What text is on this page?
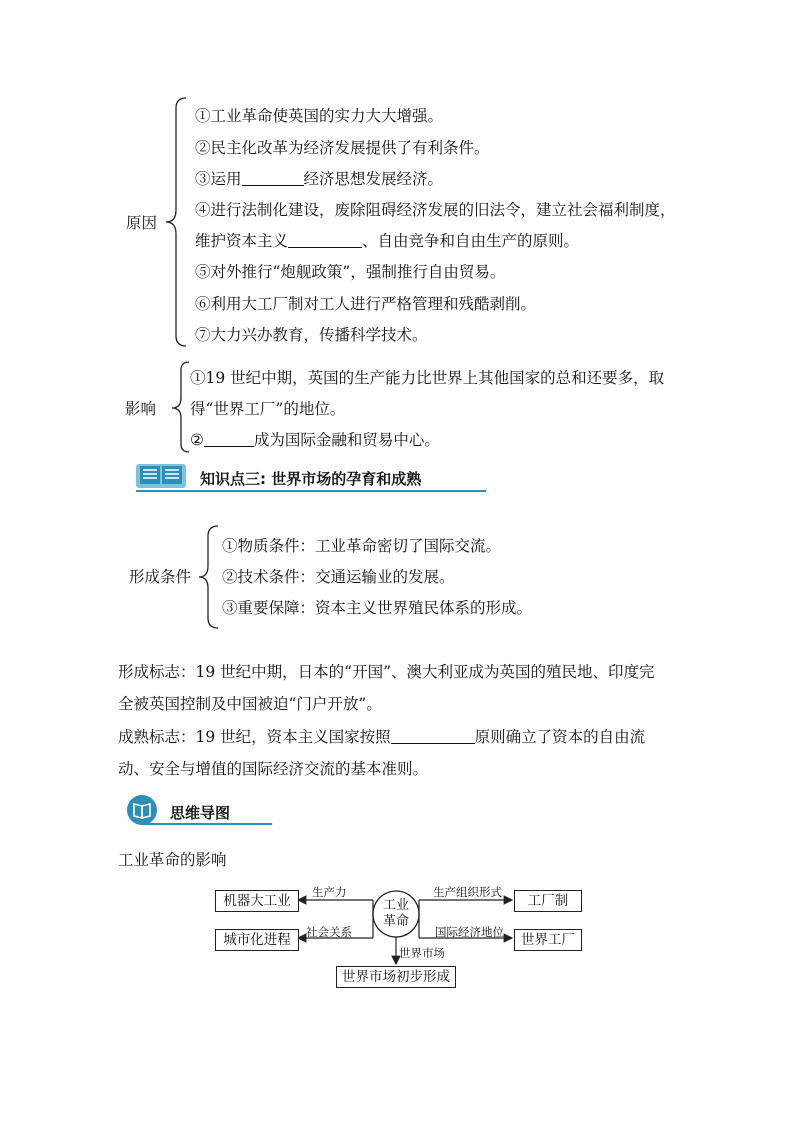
原因
①工业革命使英国的实力大大增强。
②民主化改革为经济发展提供了有利条件。
③运用	经济思想发展经济。
④进行法制化建设，废除阻碍经济发展的旧法令，建立社会福利制度，
维护资本主义	、自由竞争和自由生产的原则。
⑤对外推行“炮舰政策”，强制推行自由贸易。
⑥利用大工厂制对工人进行严格管理和残酷剥削。
⑦大力兴办教育，传播科学技术。
影响
①19 世纪中期，英国的生产能力比世界上其他国家的总和还要多，取
得“世界工厂”的地位。
②	成为国际金融和贸易中心。
知识点三: 世界市场的孕育和成熟
形成条件
①物质条件：工业革命密切了国际交流。
②技术条件：交通运输业的发展。
③重要保障：资本主义世界殖民体系的形成。
形成标志：19 世纪中期，日本的“开国”、澳大利亚成为英国的殖民地、印度完
全被英国控制及中国被迫“门户开放”。
成熟标志：19 世纪，资本主义国家按照	原则确立了资本的自由流
动、安全与增值的国际经济交流的基本准则。
思维导图
工业革命的影响
工业
革命
机器大工业
城市化进程
工厂制
世界工厂
世界市场初步形成
生产力
社会关系
生产组织形式
国际经济地位
世界市场
